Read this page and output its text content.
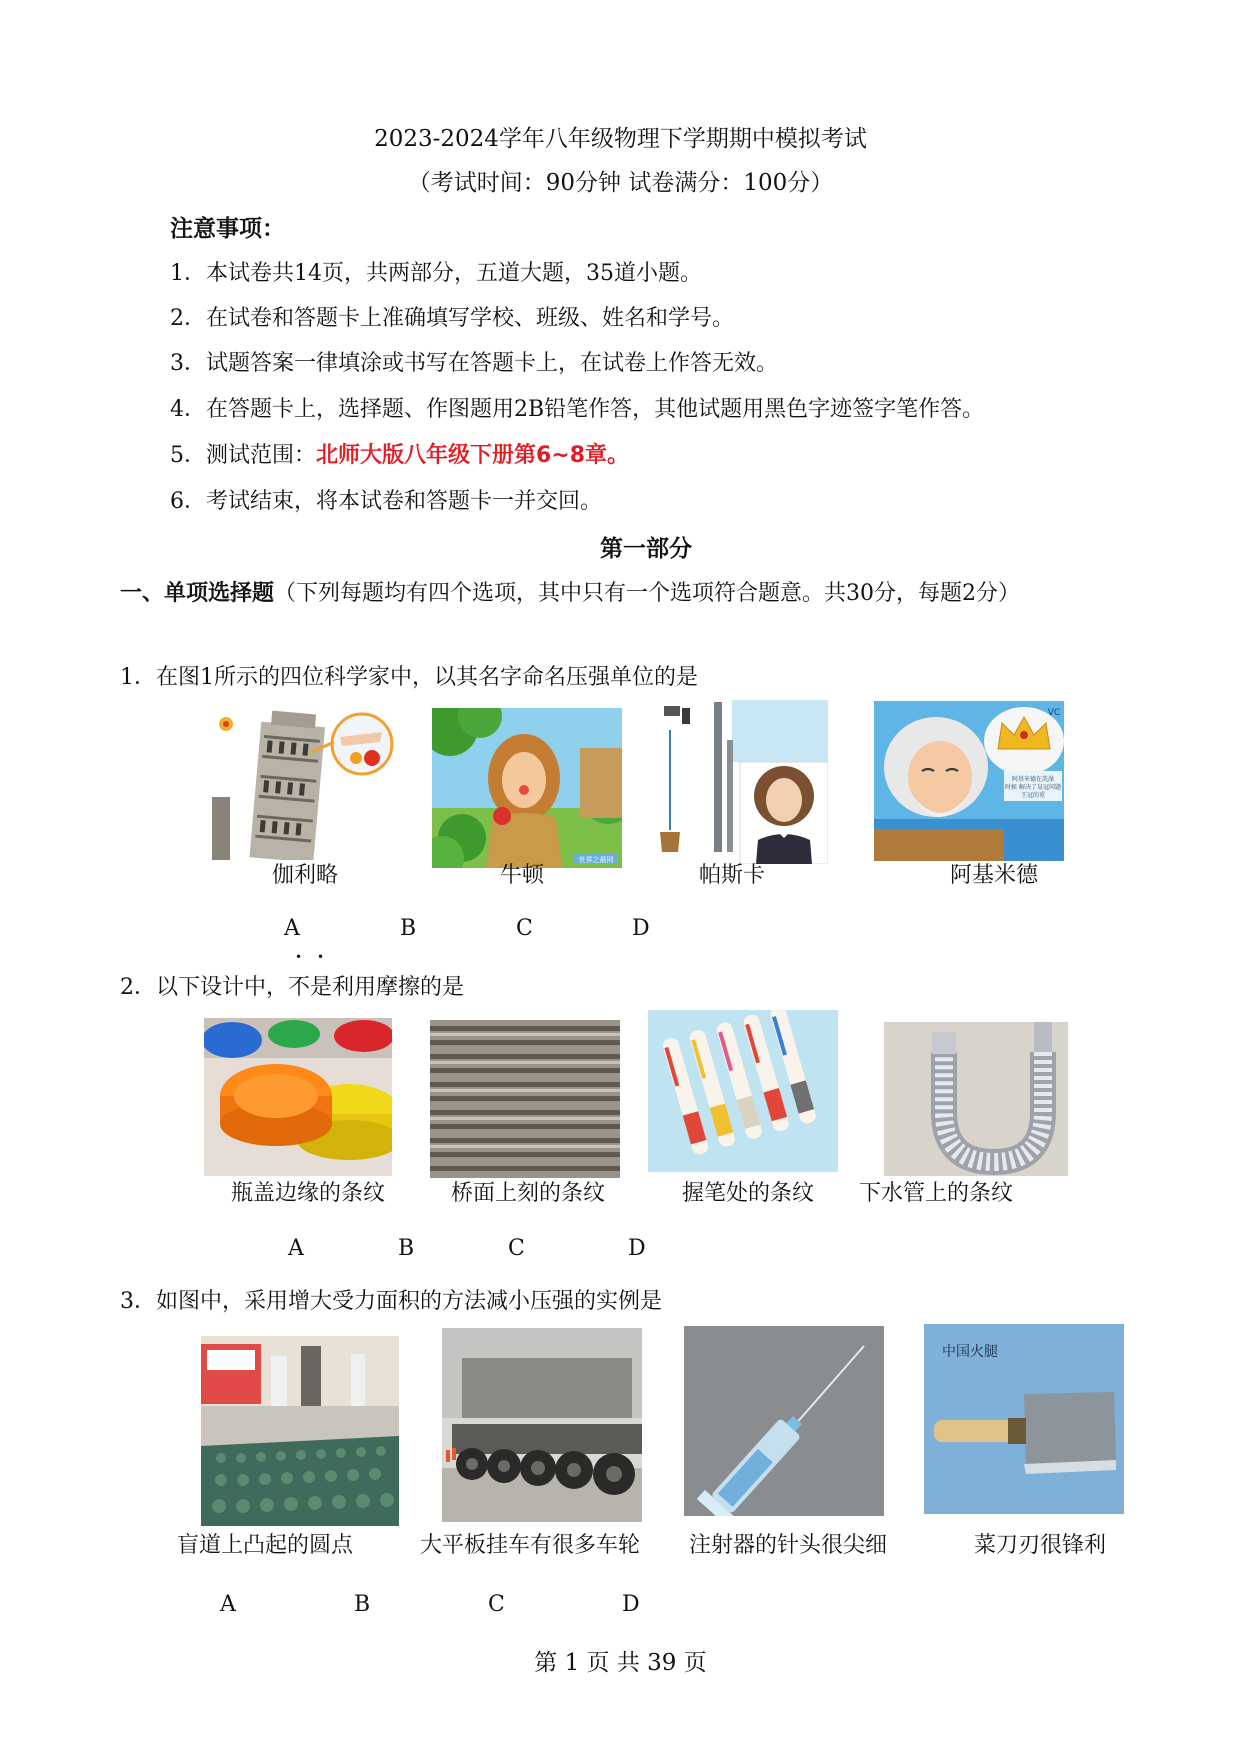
2023-2024学年八年级物理下学期期中模拟考试
（考试时间：90分钟 试卷满分：100分）
注意事项：
1．本试卷共14页，共两部分，五道大题，35道小题。
2．在试卷和答题卡上准确填写学校、班级、姓名和学号。
3．试题答案一律填涂或书写在答题卡上，在试卷上作答无效。
4．在答题卡上，选择题、作图题用2B铅笔作答，其他试题用黑色字迹签字笔作答。
5．测试范围：北师大版八年级下册第6~8章。
6．考试结束，将本试卷和答题卡一并交回。
第一部分
一、单项选择题（下列每题均有四个选项，其中只有一个选项符合题意。共30分，每题2分）
1．在图1所示的四位科学家中，以其名字命名压强单位的是
世界之最网
阿基米德在洗澡
时候 解决了皇冠问题
王冠的重
VC
伽利略	牛顿	帕斯卡	阿基米德
A	B	C	D
2．以下设计中，不是利用摩擦的是
瓶盖边缘的条纹	桥面上刻的条纹	握笔处的条纹	下水管上的条纹
A	B	C	D
3．如图中，采用增大受力面积的方法减小压强的实例是
中国火腿
盲道上凸起的圆点	大平板挂车有很多车轮	注射器的针头很尖细	菜刀刃很锋利
A	B	C	D
第 1 页 共 39 页
